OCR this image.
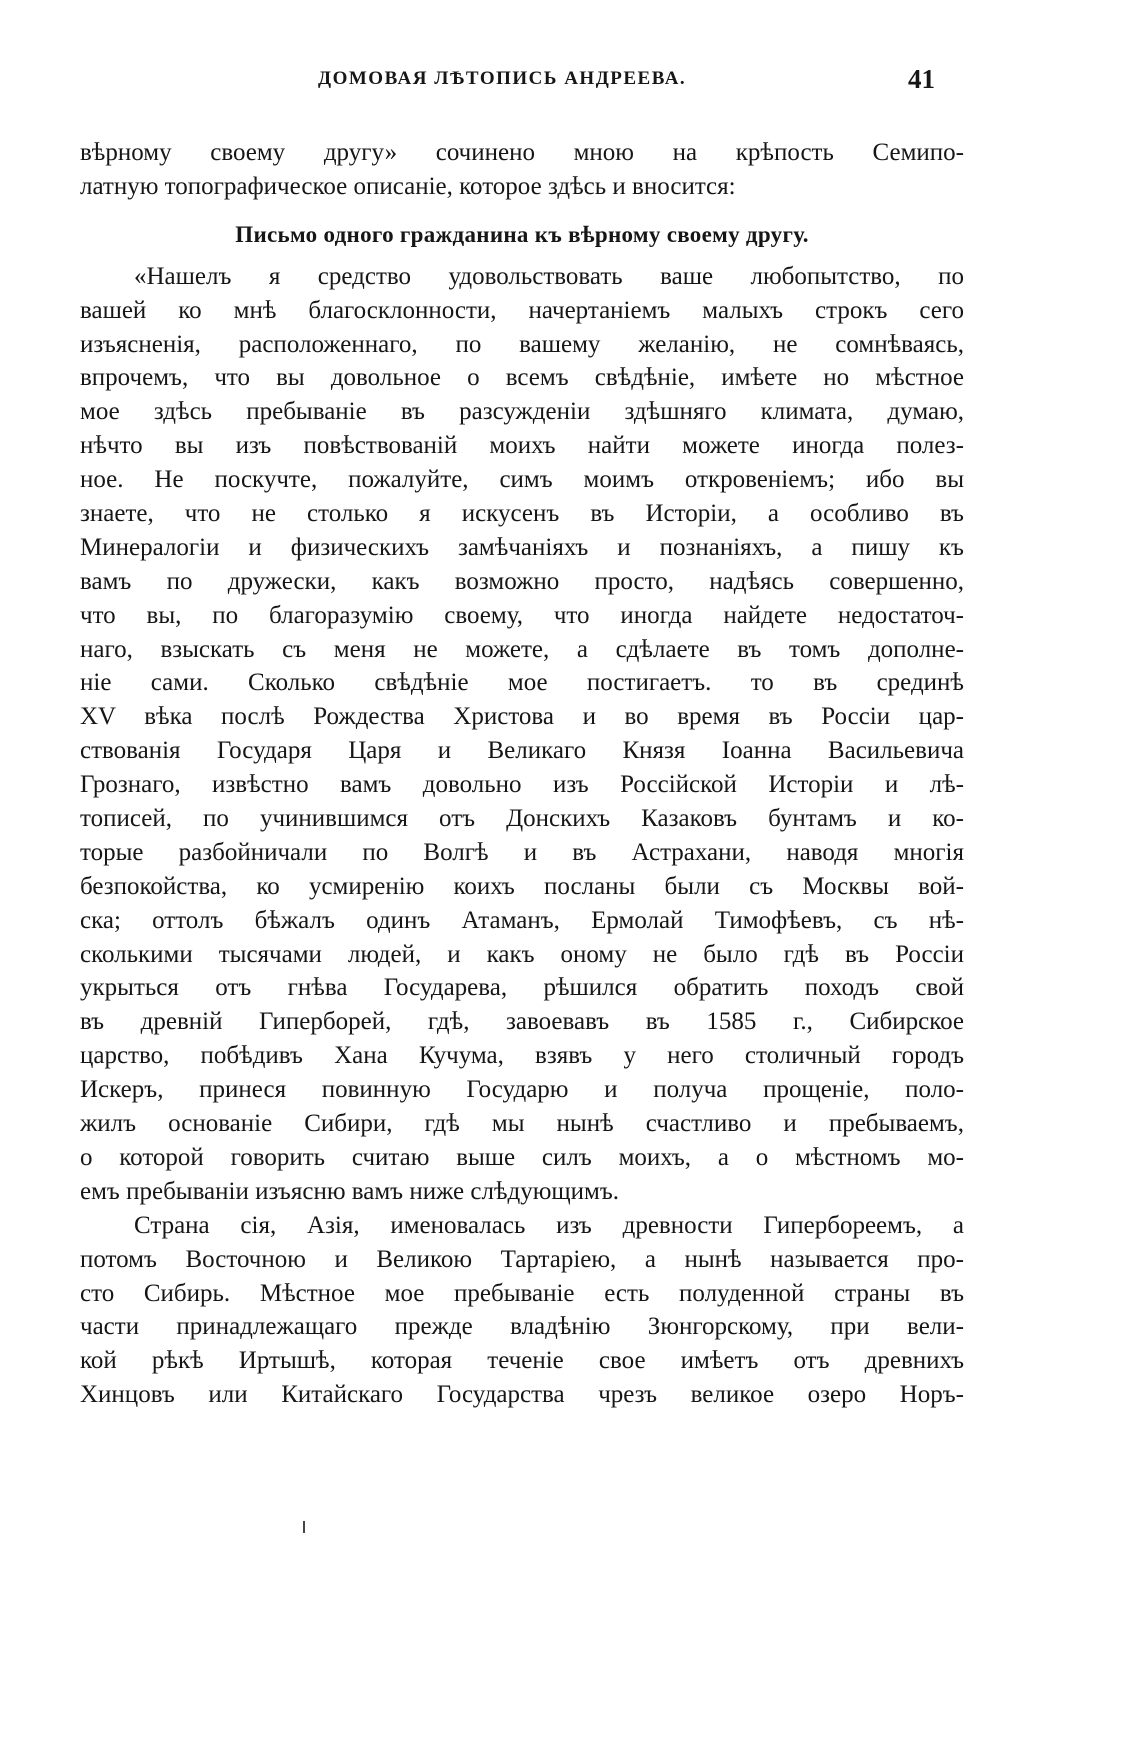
ДОМОВАЯ ЛѢТОПИСЬ АНДРЕЕВА.	41
вѣрному своему другу» сочинено мною на крѣпость Семипо-
латную топографическое описаніе, которое здѣсь и вносится:
Письмо одного гражданина къ вѣрному своему другу.
«Нашелъ я средство удовольствовать ваше любопытство, по
вашей ко мнѣ благосклонности, начертаніемъ малыхъ строкъ сего
изъясненія, расположеннаго, по вашему желанію, не сомнѣваясь,
впрочемъ, что вы довольное о всемъ свѣдѣніе, имѣете но мѣстное
мое здѣсь пребываніе въ разсужденіи здѣшняго климата, думаю,
нѣчто вы изъ повѣствованій моихъ найти можете иногда полез-
ное. Не поскучте, пожалуйте, симъ моимъ откровеніемъ; ибо вы
знаете, что не столько я искусенъ въ Исторіи, а особливо въ
Минералогіи и физическихъ замѣчаніяхъ и познаніяхъ, а пишу къ
вамъ по дружески, какъ возможно просто, надѣясь совершенно,
что вы, по благоразумію своему, что иногда найдете недостаточ-
наго, взыскать съ меня не можете, а сдѣлаете въ томъ дополне-
ніе сами. Сколько свѣдѣніе мое постигаетъ. то въ срединѣ
XV вѣка послѣ Рождества Христова и во время въ Россіи цар-
ствованія Государя Царя и Великаго Князя Іоанна Васильевича
Грознаго, извѣстно вамъ довольно изъ Россійской Исторіи и лѣ-
тописей, по учинившимся отъ Донскихъ Казаковъ бунтамъ и ко-
торые разбойничали по Волгѣ и въ Астрахани, наводя многія
безпокойства, ко усмиренію коихъ посланы были съ Москвы вой-
ска; оттолъ бѣжалъ одинъ Атаманъ, Ермолай Тимофѣевъ, съ нѣ-
сколькими тысячами людей, и какъ оному не было гдѣ въ Россіи
укрыться отъ гнѣва Государева, рѣшился обратить походъ свой
въ древній Гиперборей, гдѣ, завоевавъ въ 1585 г., Сибирское
царство, побѣдивъ Хана Кучума, взявъ у него столичный городъ
Искеръ, принеся повинную Государю и получа прощеніе, поло-
жилъ основаніе Сибири, гдѣ мы нынѣ счастливо и пребываемъ,
о которой говорить считаю выше силъ моихъ, а о мѣстномъ мо-
емъ пребываніи изъясню вамъ ниже слѣдующимъ.
Страна сія, Азія, именовалась изъ древности Гипербореемъ, а
потомъ Восточною и Великою Тартаріею, а нынѣ называется про-
сто Сибирь. Мѣстное мое пребываніе есть полуденной страны въ
части принадлежащаго прежде владѣнію Зюнгорскому, при вели-
кой рѣкѣ Иртышѣ, которая теченіе свое имѣетъ отъ древнихъ
Хинцовъ или Китайскаго Государства чрезъ великое озеро Норъ-
